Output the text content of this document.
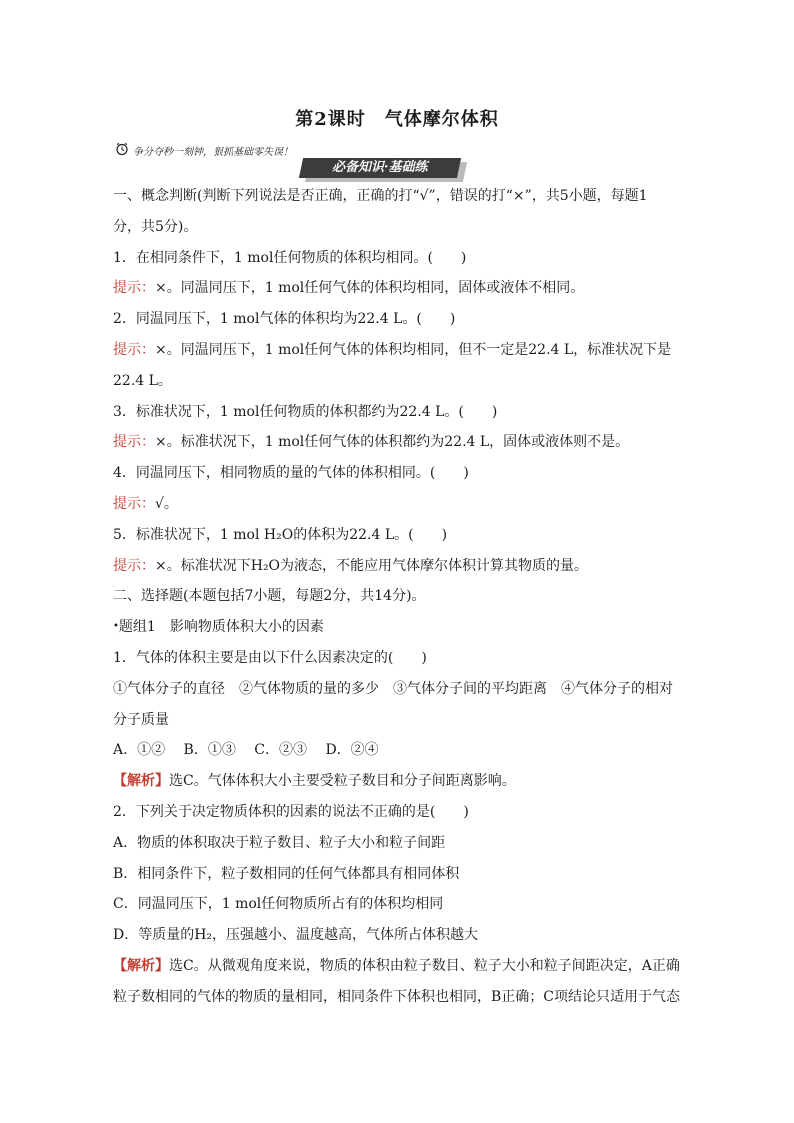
第2课时　气体摩尔体积
争分夺秒一刻钟，狠抓基础零失误！
必备知识·基础练
一、概念判断(判断下列说法是否正确，正确的打“√”，错误的打“×”，共5小题，每题1
分，共5分)。
1．在相同条件下，1 mol任何物质的体积均相同。(　　)
提示：×。同温同压下，1 mol任何气体的体积均相同，固体或液体不相同。
2．同温同压下，1 mol气体的体积均为22.4 L。(　　)
提示：×。同温同压下，1 mol任何气体的体积均相同，但不一定是22.4 L，标准状况下是
22.4 L。
3．标准状况下，1 mol任何物质的体积都约为22.4 L。(　　)
提示：×。标准状况下，1 mol任何气体的体积都约为22.4 L，固体或液体则不是。
4．同温同压下，相同物质的量的气体的体积相同。(　　)
提示：√。
5．标准状况下，1 mol H₂O的体积为22.4 L。(　　)
提示：×。标准状况下H₂O为液态，不能应用气体摩尔体积计算其物质的量。
二、选择题(本题包括7小题，每题2分，共14分)。
•题组1　影响物质体积大小的因素
1．气体的体积主要是由以下什么因素决定的(　　)
①气体分子的直径　②气体物质的量的多少　③气体分子间的平均距离　④气体分子的相对
分子质量
A．①②　 B．①③　 C．②③　 D．②④
【解析】选C。气体体积大小主要受粒子数目和分子间距离影响。
2．下列关于决定物质体积的因素的说法不正确的是(　　)
A．物质的体积取决于粒子数目、粒子大小和粒子间距
B．相同条件下，粒子数相同的任何气体都具有相同体积
C．同温同压下，1 mol任何物质所占有的体积均相同
D．等质量的H₂，压强越小、温度越高，气体所占体积越大
【解析】选C。从微观角度来说，物质的体积由粒子数目、粒子大小和粒子间距决定，A正确
粒子数相同的气体的物质的量相同，相同条件下体积也相同，B正确；C项结论只适用于气态
